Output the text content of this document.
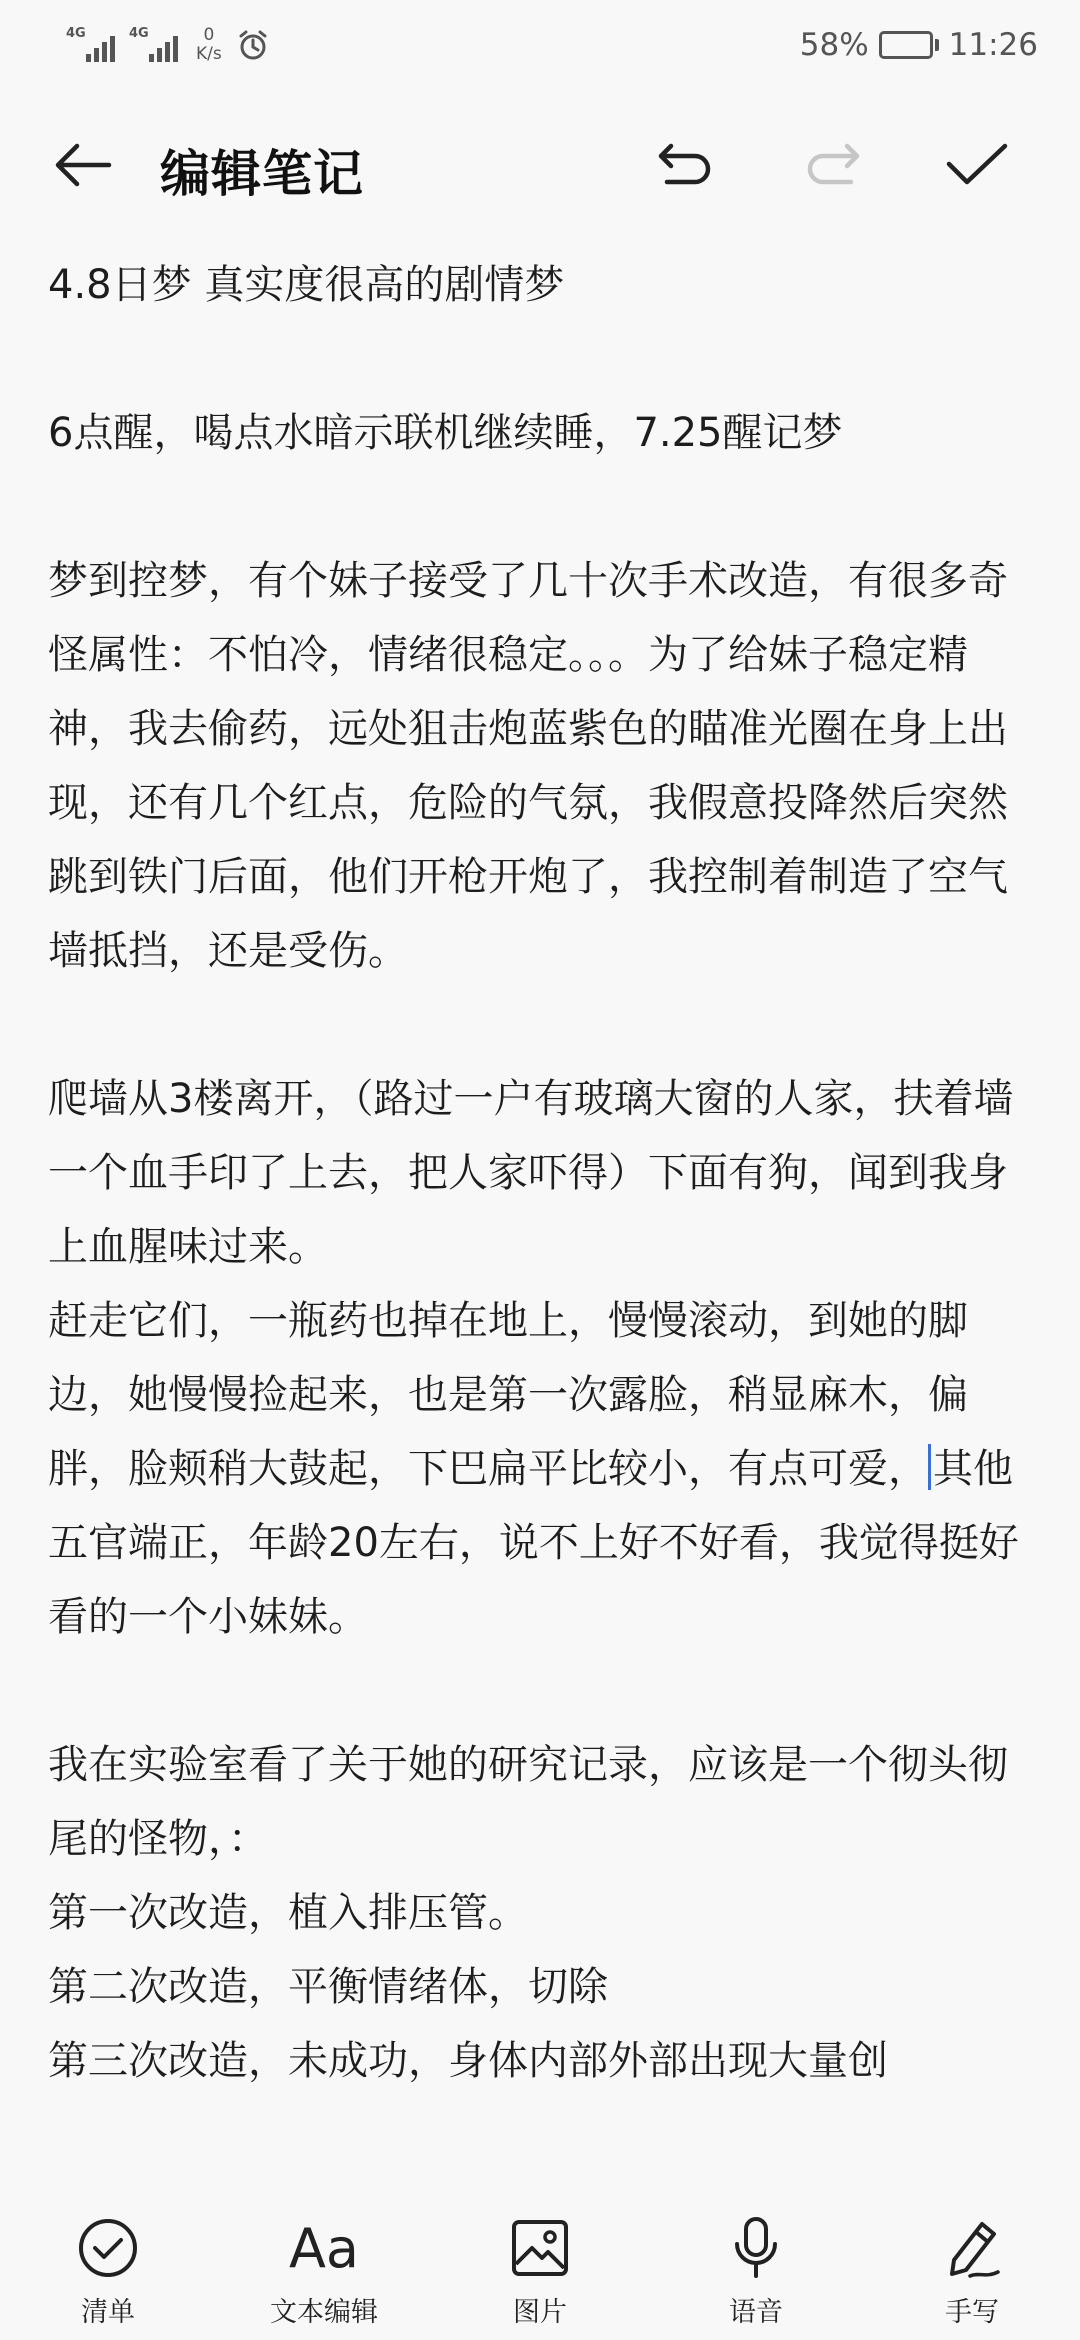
4G	4G	0
K/s	58%	11:26
编辑笔记
4.8日梦 真实度很高的剧情梦
6点醒，喝点水暗示联机继续睡，7.25醒记梦
梦到控梦，有个妹子接受了几十次手术改造，有很多奇怪属性：不怕冷，情绪很稳定。。。为了给妹子稳定精神，我去偷药，远处狙击炮蓝紫色的瞄准光圈在身上出现，还有几个红点，危险的气氛，我假意投降然后突然跳到铁门后面，他们开枪开炮了，我控制着制造了空气墙抵挡，还是受伤。
爬墙从3楼离开，（路过一户有玻璃大窗的人家，扶着墙一个血手印了上去，把人家吓得）下面有狗，闻到我身上血腥味过来。
赶走它们，一瓶药也掉在地上，慢慢滚动，到她的脚边，她慢慢捡起来，也是第一次露脸，稍显麻木，偏胖，脸颊稍大鼓起，下巴扁平比较小，有点可爱， 其他五官端正，年龄20左右，说不上好不好看，我觉得挺好看的一个小妹妹。
我在实验室看了关于她的研究记录，应该是一个彻头彻尾的怪物，：
第一次改造，植入排压管。
第二次改造，平衡情绪体，切除
第三次改造，未成功，身体内部外部出现大量创
清单
Aa
文本编辑	图片	语音	手写
